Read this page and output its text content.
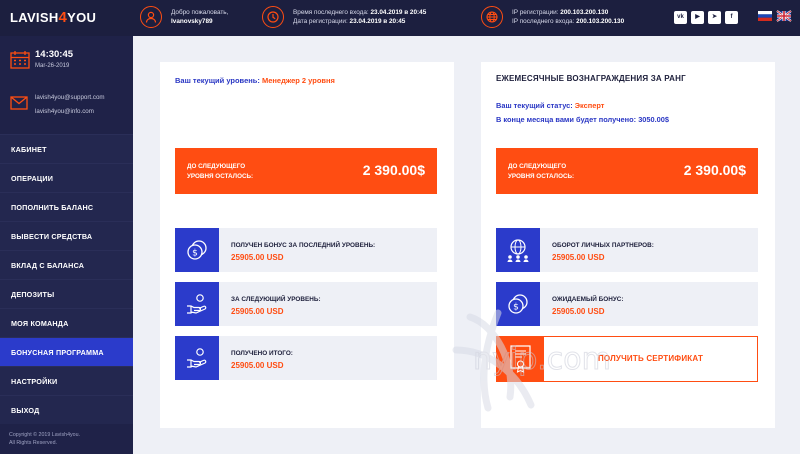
LAVISH4YOU	Добро пожаловать,
Ivanovsky789
Время последнего входа: 23.04.2019 в 20:45
Дата регистрации: 23.04.2019 в 20:45
IP регистрации: 200.103.200.130
IP последнего входа: 200.103.200.130
vk	▶	➤	f
14:30:45
Mar-26-2019
lavish4you@support.com
lavish4you@info.com
КАБИНЕТ
ОПЕРАЦИИ
ПОПОЛНИТЬ БАЛАНС
ВЫВЕСТИ СРЕДСТВА
ВКЛАД С БАЛАНСА
ДЕПОЗИТЫ
МОЯ КОМАНДА
БОНУСНАЯ ПРОГРАММА
НАСТРОЙКИ
ВЫХОД
Copyright © 2019 Lavish4you.
All Rights Reserved.
Ваш текущий уровень: Менеджер 2 уровня
ДО СЛЕДУЮЩЕГО
УРОВНЯ ОСТАЛОСЬ:	2 390.00$
$
ПОЛУЧЕН БОНУС ЗА ПОСЛЕДНИЙ УРОВЕНЬ:
25905.00 USD
ЗА СЛЕДУЮЩИЙ УРОВЕНЬ:
25905.00 USD
ПОЛУЧЕНО ИТОГО:
25905.00 USD
ЕЖЕМЕСЯЧНЫЕ ВОЗНАГРАЖДЕНИЯ ЗА РАНГ
Ваш текущий статус: Эксперт
В конце месяца вами будет получено: 3050.00$
ДО СЛЕДУЮЩЕГО
УРОВНЯ ОСТАЛОСЬ:	2 390.00$
ОБОРОТ ЛИЧНЫХ ПАРТНЕРОВ:
25905.00 USD
$
ОЖИДАЕМЫЙ БОНУС:
25905.00 USD
ПОЛУЧИТЬ СЕРТИФИКАТ
nyip.com
